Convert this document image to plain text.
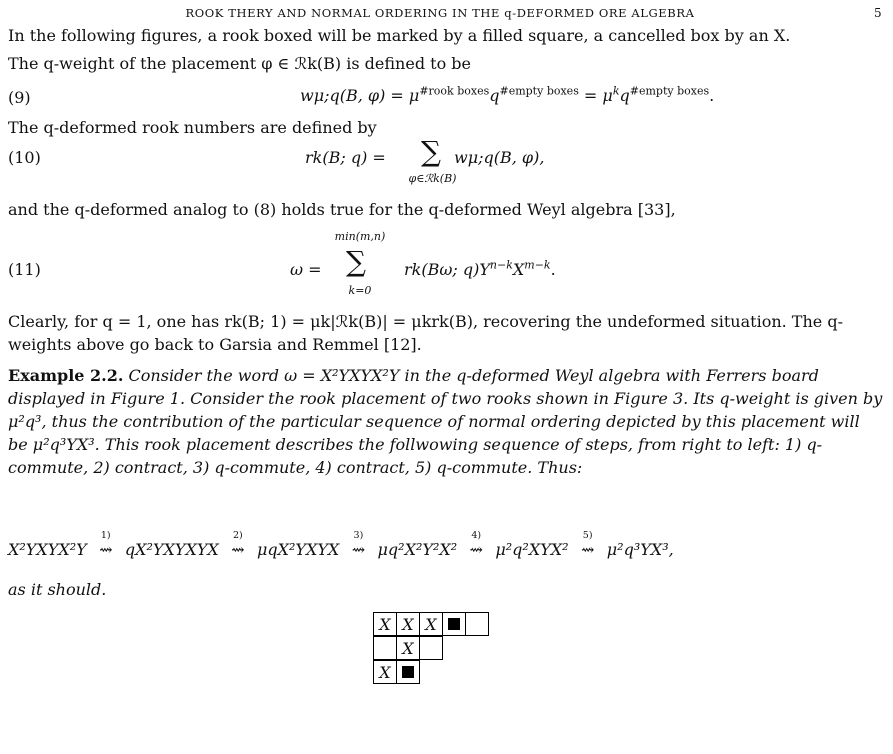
ROOK THERY AND NORMAL ORDERING IN THE q-DEFORMED ORE ALGEBRA	5
In the following figures, a rook boxed will be marked by a filled square, a cancelled box by an X.
The q-weight of the placement φ ∈ ℛk(B) is defined to be
(9)	wμ;q(B, $\varphi) = \mu^{\#rook boxes}q^{\#empty boxes} = \mu^kq^{\#empty boxes}$.
The q-deformed rook numbers are defined by
(10)	rk(B; q) = ∑
φ∈ℛk(B)
wμ;q(B, φ),
and the q-deformed analog to (8) holds true for the q-deformed Weyl algebra [33],
min(m,n)
(11)	ω = ∑
k=0
rk(Bω; $q)Y^{n-k}X^{m-k}$.
Clearly, for q = 1, one has rk(B; 1) = μk|ℛk(B)| = μkrk(B), recovering the undeformed situation. The q-weights above go back to Garsia and Remmel [12].
Example 2.2. Consider the word ω = X²YXYX²Y in the q-deformed Weyl algebra with Ferrers board displayed in Figure 1. Consider the rook placement of two rooks shown in Figure 3. Its q-weight is given by μ²q³, thus the contribution of the particular sequence of normal ordering depicted by this placement will be μ²q³YX³. This rook placement describes the follwowing sequence of steps, from right to left: 1) q-commute, 2) contract, 3) q-commute, 4) contract, 5) q-commute. Thus:
X²YXYX²Y
1)
⇝ qX²YXYXYX
2)
⇝ μqX²YXYX
3)
⇝ μq²X²Y²X²
4)
⇝ μ²q²XYX²
5)
⇝ μ²q³YX³,
as it should.
X X X
X
X
